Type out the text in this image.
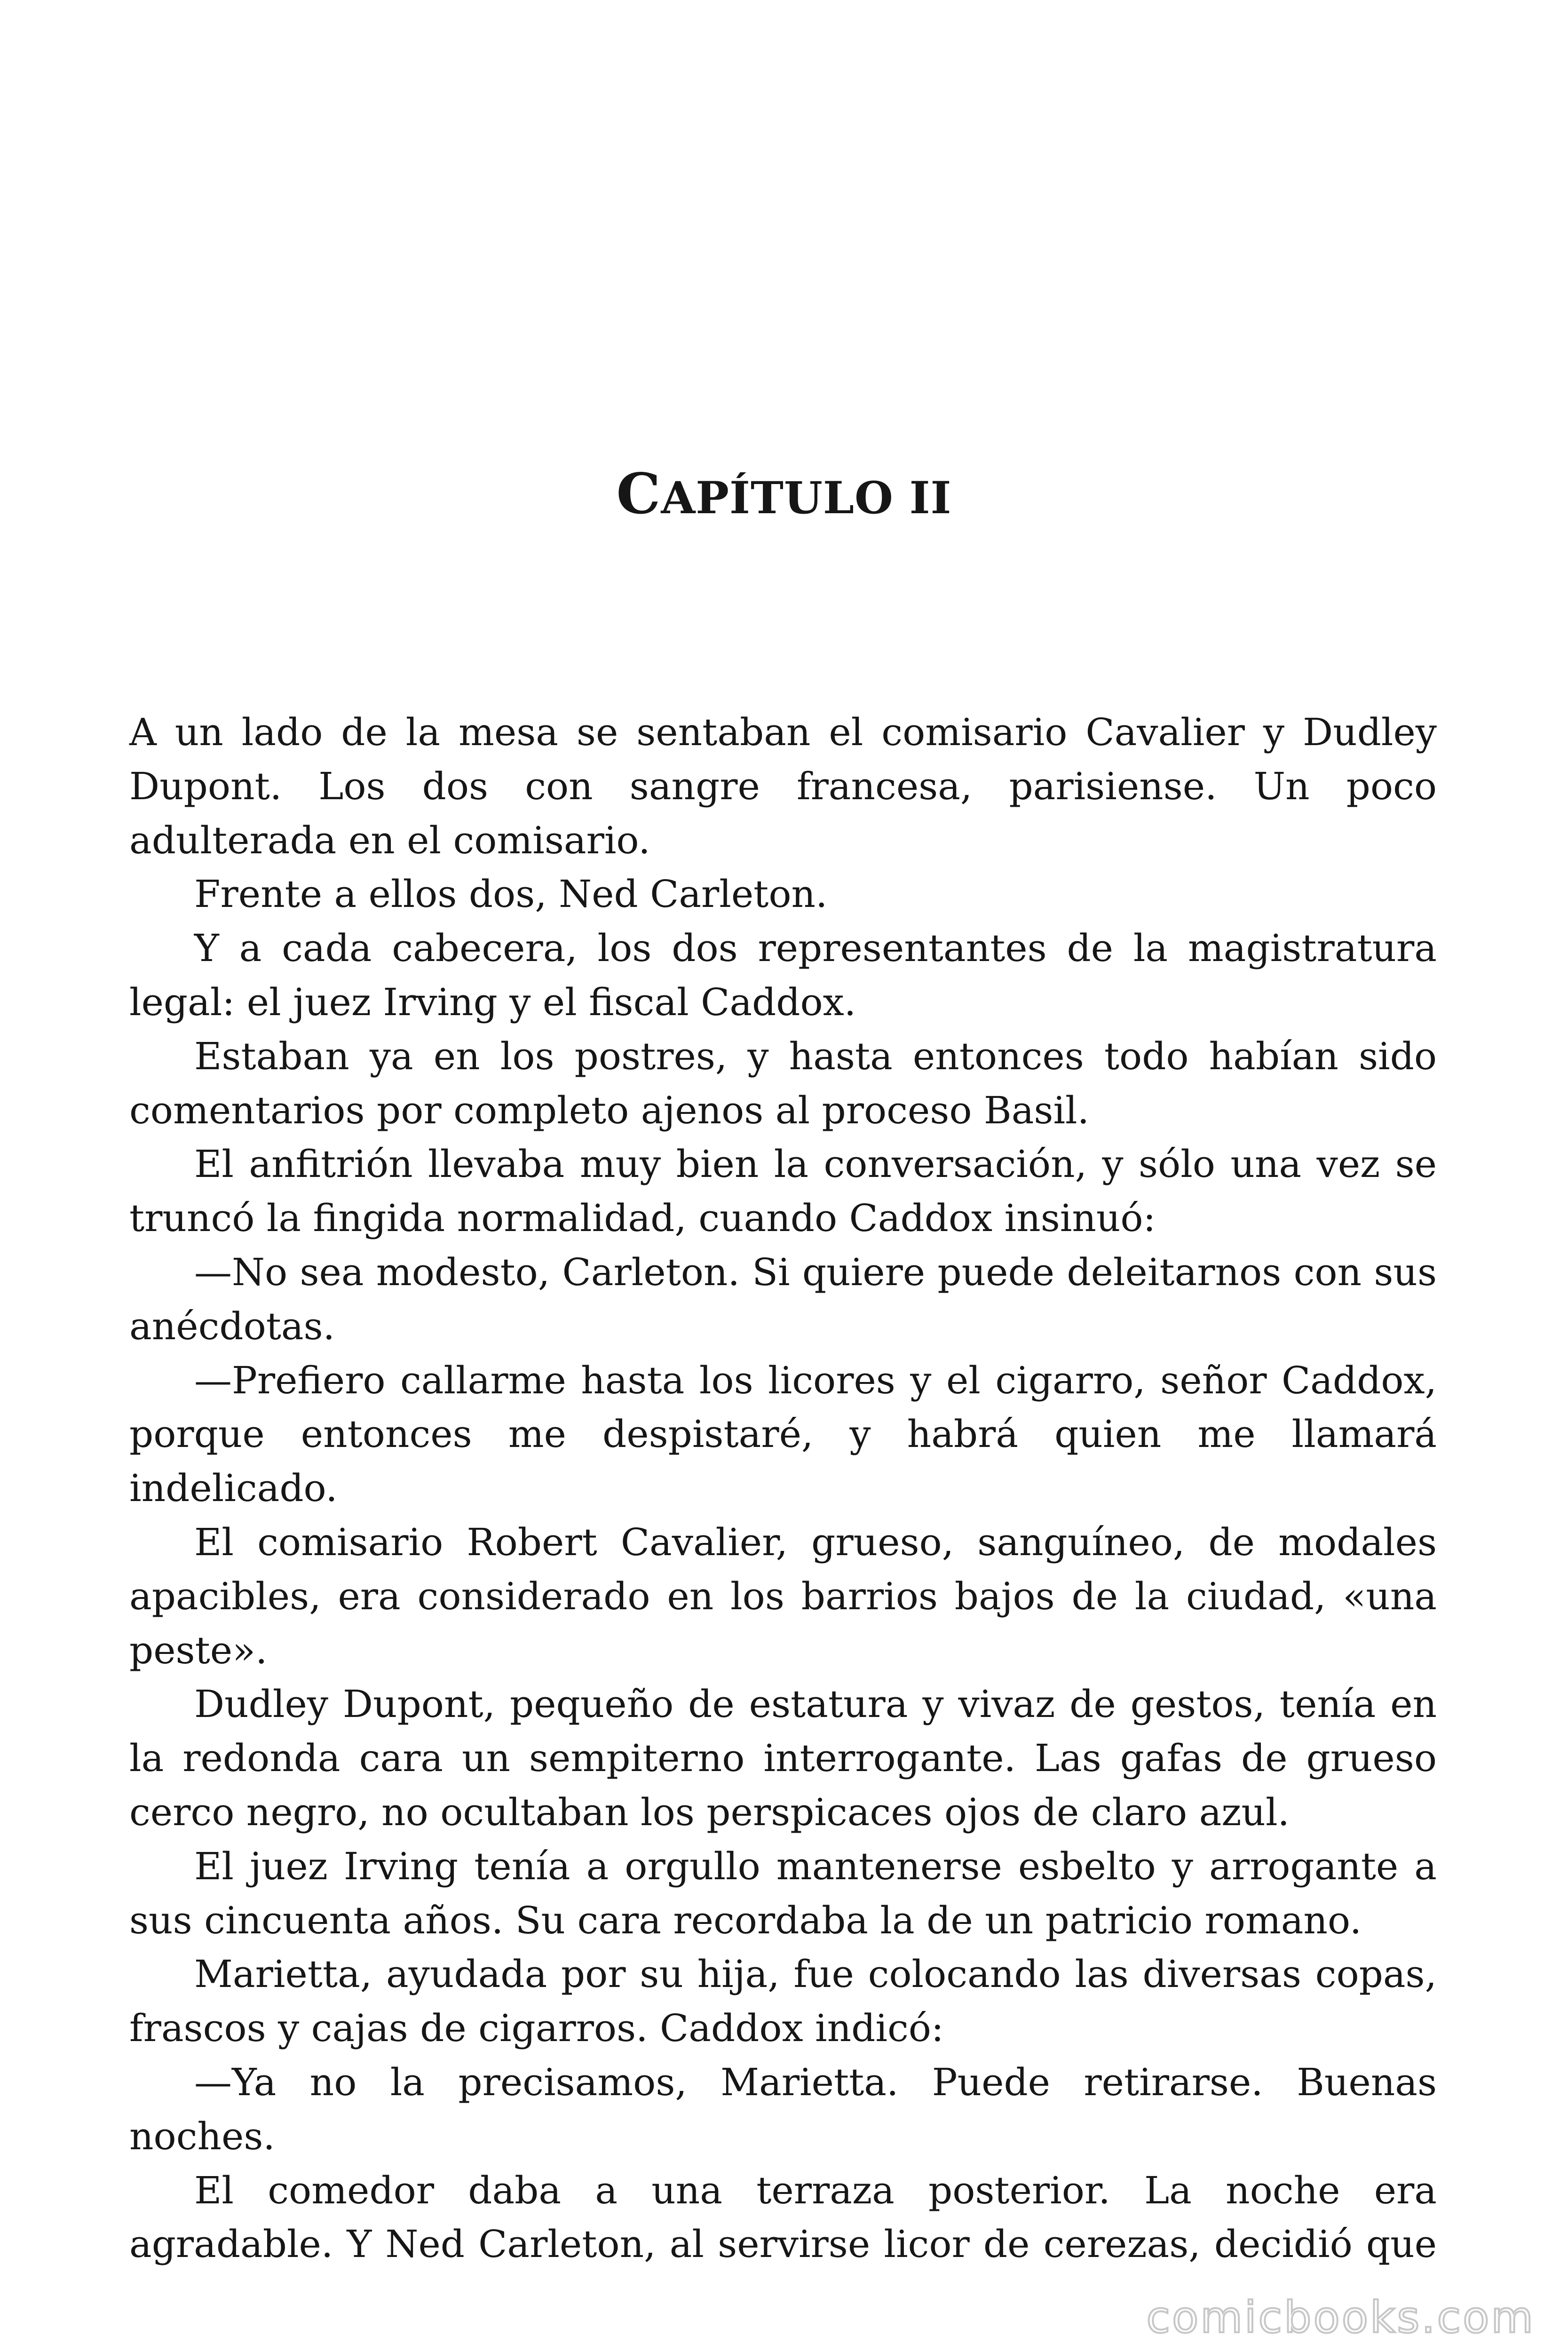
CAPÍTULO II

A un lado de la mesa se sentaban el comisario Cavalier y Dudley Dupont. Los dos con sangre francesa, parisiense. Un poco adulterada en el comisario.

Frente a ellos dos, Ned Carleton.

Y a cada cabecera, los dos representantes de la magistratura legal: el juez Irving y el fiscal Caddox.

Estaban ya en los postres, y hasta entonces todo habían sido comentarios por completo ajenos al proceso Basil.

El anfitrión llevaba muy bien la conversación, y sólo una vez se truncó la fingida normalidad, cuando Caddox insinuó:

—No sea modesto, Carleton. Si quiere puede deleitarnos con sus anécdotas.

—Prefiero callarme hasta los licores y el cigarro, señor Caddox, porque entonces me despistaré, y habrá quien me llamará indelicado.

El comisario Robert Cavalier, grueso, sanguíneo, de modales apacibles, era considerado en los barrios bajos de la ciudad, «una peste».

Dudley Dupont, pequeño de estatura y vivaz de gestos, tenía en la redonda cara un sempiterno interrogante. Las gafas de grueso cerco negro, no ocultaban los perspicaces ojos de claro azul.

El juez Irving tenía a orgullo mantenerse esbelto y arrogante a sus cincuenta años. Su cara recordaba la de un patricio romano.

Marietta, ayudada por su hija, fue colocando las diversas copas, frascos y cajas de cigarros. Caddox indicó:

—Ya no la precisamos, Marietta. Puede retirarse. Buenas noches.

El comedor daba a una terraza posterior. La noche era agradable. Y Ned Carleton, al servirse licor de cerezas, decidió que

comicbooks.com
